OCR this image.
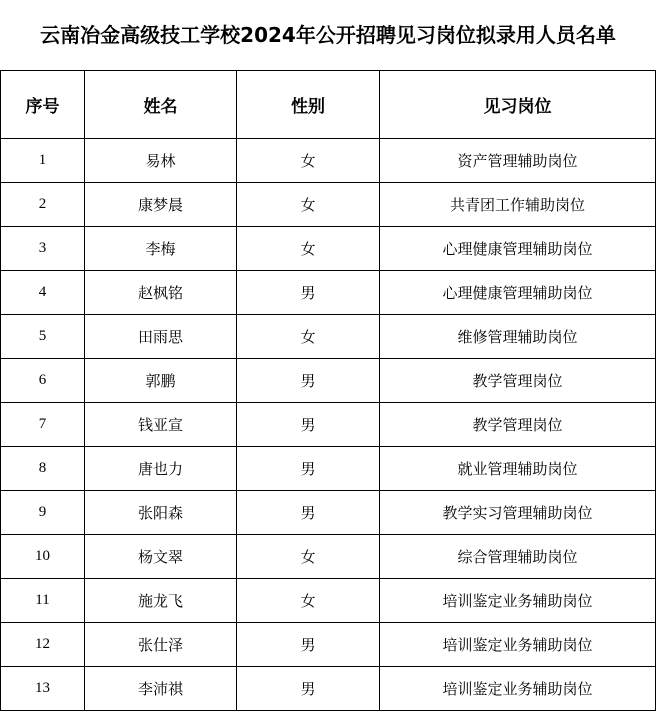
云南冶金高级技工学校2024年公开招聘见习岗位拟录用人员名单
序号	姓名	性别	见习岗位
1	易林	女	资产管理辅助岗位
2	康梦晨	女	共青团工作辅助岗位
3	李梅	女	心理健康管理辅助岗位
4	赵枫铭	男	心理健康管理辅助岗位
5	田雨思	女	维修管理辅助岗位
6	郭鹏	男	教学管理岗位
7	钱亚宣	男	教学管理岗位
8	唐也力	男	就业管理辅助岗位
9	张阳森	男	教学实习管理辅助岗位
10	杨文翠	女	综合管理辅助岗位
11	施龙飞	女	培训鉴定业务辅助岗位
12	张仕泽	男	培训鉴定业务辅助岗位
13	李沛祺	男	培训鉴定业务辅助岗位
